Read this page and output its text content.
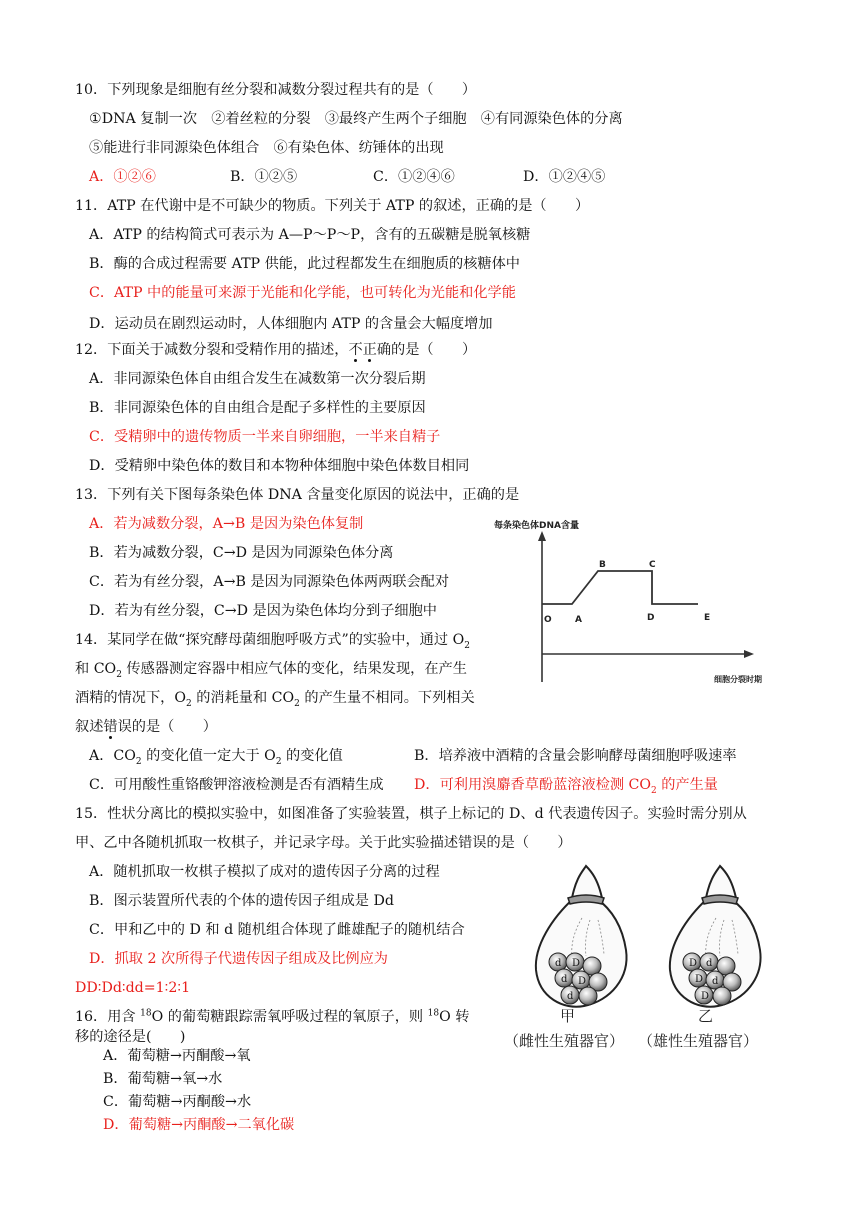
10．下列现象是细胞有丝分裂和减数分裂过程共有的是（　　）
①DNA 复制一次　②着丝粒的分裂　③最终产生两个子细胞　④有同源染色体的分离
⑤能进行非同源染色体组合　⑥有染色体、纺锤体的出现
A．①②⑥	B．①②⑤	C．①②④⑥	D．①②④⑤
11．ATP 在代谢中是不可缺少的物质。下列关于 ATP 的叙述，正确的是（　　）
A．ATP 的结构简式可表示为 A—P～P～P，含有的五碳糖是脱氧核糖
B．酶的合成过程需要 ATP 供能，此过程都发生在细胞质的核糖体中
C．ATP 中的能量可来源于光能和化学能，也可转化为光能和化学能
D．运动员在剧烈运动时，人体细胞内 ATP 的含量会大幅度增加
12．下面关于减数分裂和受精作用的描述，不正确的是（　　）
A．非同源染色体自由组合发生在减数第一次分裂后期
B．非同源染色体的自由组合是配子多样性的主要原因
C．受精卵中的遗传物质一半来自卵细胞，一半来自精子
D．受精卵中染色体的数目和本物种体细胞中染色体数目相同
13．下列有关下图每条染色体 DNA 含量变化原因的说法中，正确的是
A．若为减数分裂，A→B 是因为染色体复制
B．若为减数分裂，C→D 是因为同源染色体分离
C．若为有丝分裂，A→B 是因为同源染色体两两联会配对
D．若为有丝分裂，C→D 是因为染色体均分到子细胞中
每条染色体DNA含量
O	A
B	C
D	E
细胞分裂时期
14．某同学在做“探究酵母菌细胞呼吸方式”的实验中，通过 $O_2$
和 $CO_2$ 传感器测定容器中相应气体的变化，结果发现，在产生
酒精的情况下，$O_2$ 的消耗量和 $CO_2$ 的产生量不相同。下列相关
叙述错误的是（　　）
A．$CO_2$ 的变化值一定大于 $O_2$ 的变化值	B．培养液中酒精的含量会影响酵母菌细胞呼吸速率
C．可用酸性重铬酸钾溶液检测是否有酒精生成 D．可利用溴麝香草酚蓝溶液检测 $CO_2$ 的产生量
15．性状分离比的模拟实验中，如图准备了实验装置，棋子上标记的 D、d 代表遗传因子。实验时需分别从
甲、乙中各随机抓取一枚棋子，并记录字母。关于此实验描述错误的是（　　）
A．随机抓取一枚棋子模拟了成对的遗传因子分离的过程
B．图示装置所代表的个体的遗传因子组成是 Dd
C．甲和乙中的 D 和 d 随机组合体现了雌雄配子的随机结合
D．抓取 2 次所得子代遗传因子组成及比例应为
DD∶Dd∶dd=1∶2∶1
d D
d D
d
D d
D d
D
甲	乙
（雌性生殖器官） （雄性生殖器官）
16．用含 $^{18}$O 的葡萄糖跟踪需氧呼吸过程的氧原子，则 $^{18}$O 转
移的途径是(　　)
A．葡萄糖→丙酮酸→氧
B．葡萄糖→氧→水
C．葡萄糖→丙酮酸→水
D．葡萄糖→丙酮酸→二氧化碳
